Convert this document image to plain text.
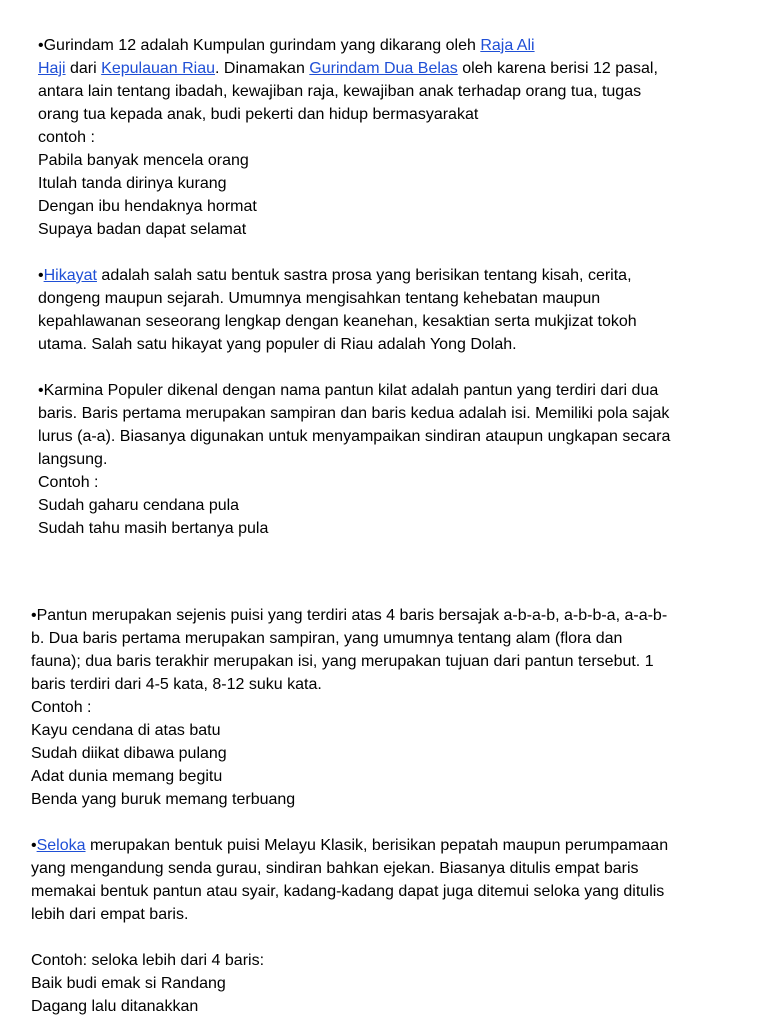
•Gurindam 12 adalah Kumpulan gurindam yang dikarang oleh Raja Ali
Haji dari Kepulauan Riau. Dinamakan Gurindam Dua Belas oleh karena berisi 12 pasal,
antara lain tentang ibadah, kewajiban raja, kewajiban anak terhadap orang tua, tugas
orang tua kepada anak, budi pekerti dan hidup bermasyarakat
contoh :
Pabila banyak mencela orang
Itulah tanda dirinya kurang
Dengan ibu hendaknya hormat
Supaya badan dapat selamat
•Hikayat adalah salah satu bentuk sastra prosa yang berisikan tentang kisah, cerita,
dongeng maupun sejarah. Umumnya mengisahkan tentang kehebatan maupun
kepahlawanan seseorang lengkap dengan keanehan, kesaktian serta mukjizat tokoh
utama. Salah satu hikayat yang populer di Riau adalah Yong Dolah.
•Karmina Populer dikenal dengan nama pantun kilat adalah pantun yang terdiri dari dua
baris. Baris pertama merupakan sampiran dan baris kedua adalah isi. Memiliki pola sajak
lurus (a-a). Biasanya digunakan untuk menyampaikan sindiran ataupun ungkapan secara
langsung.
Contoh :
Sudah gaharu cendana pula
Sudah tahu masih bertanya pula
•Pantun merupakan sejenis puisi yang terdiri atas 4 baris bersajak a-b-a-b, a-b-b-a, a-a-b-
b. Dua baris pertama merupakan sampiran, yang umumnya tentang alam (flora dan
fauna); dua baris terakhir merupakan isi, yang merupakan tujuan dari pantun tersebut. 1
baris terdiri dari 4-5 kata, 8-12 suku kata.
Contoh :
Kayu cendana di atas batu
Sudah diikat dibawa pulang
Adat dunia memang begitu
Benda yang buruk memang terbuang
•Seloka merupakan bentuk puisi Melayu Klasik, berisikan pepatah maupun perumpamaan
yang mengandung senda gurau, sindiran bahkan ejekan. Biasanya ditulis empat baris
memakai bentuk pantun atau syair, kadang-kadang dapat juga ditemui seloka yang ditulis
lebih dari empat baris.
Contoh: seloka lebih dari 4 baris:
Baik budi emak si Randang
Dagang lalu ditanakkan
